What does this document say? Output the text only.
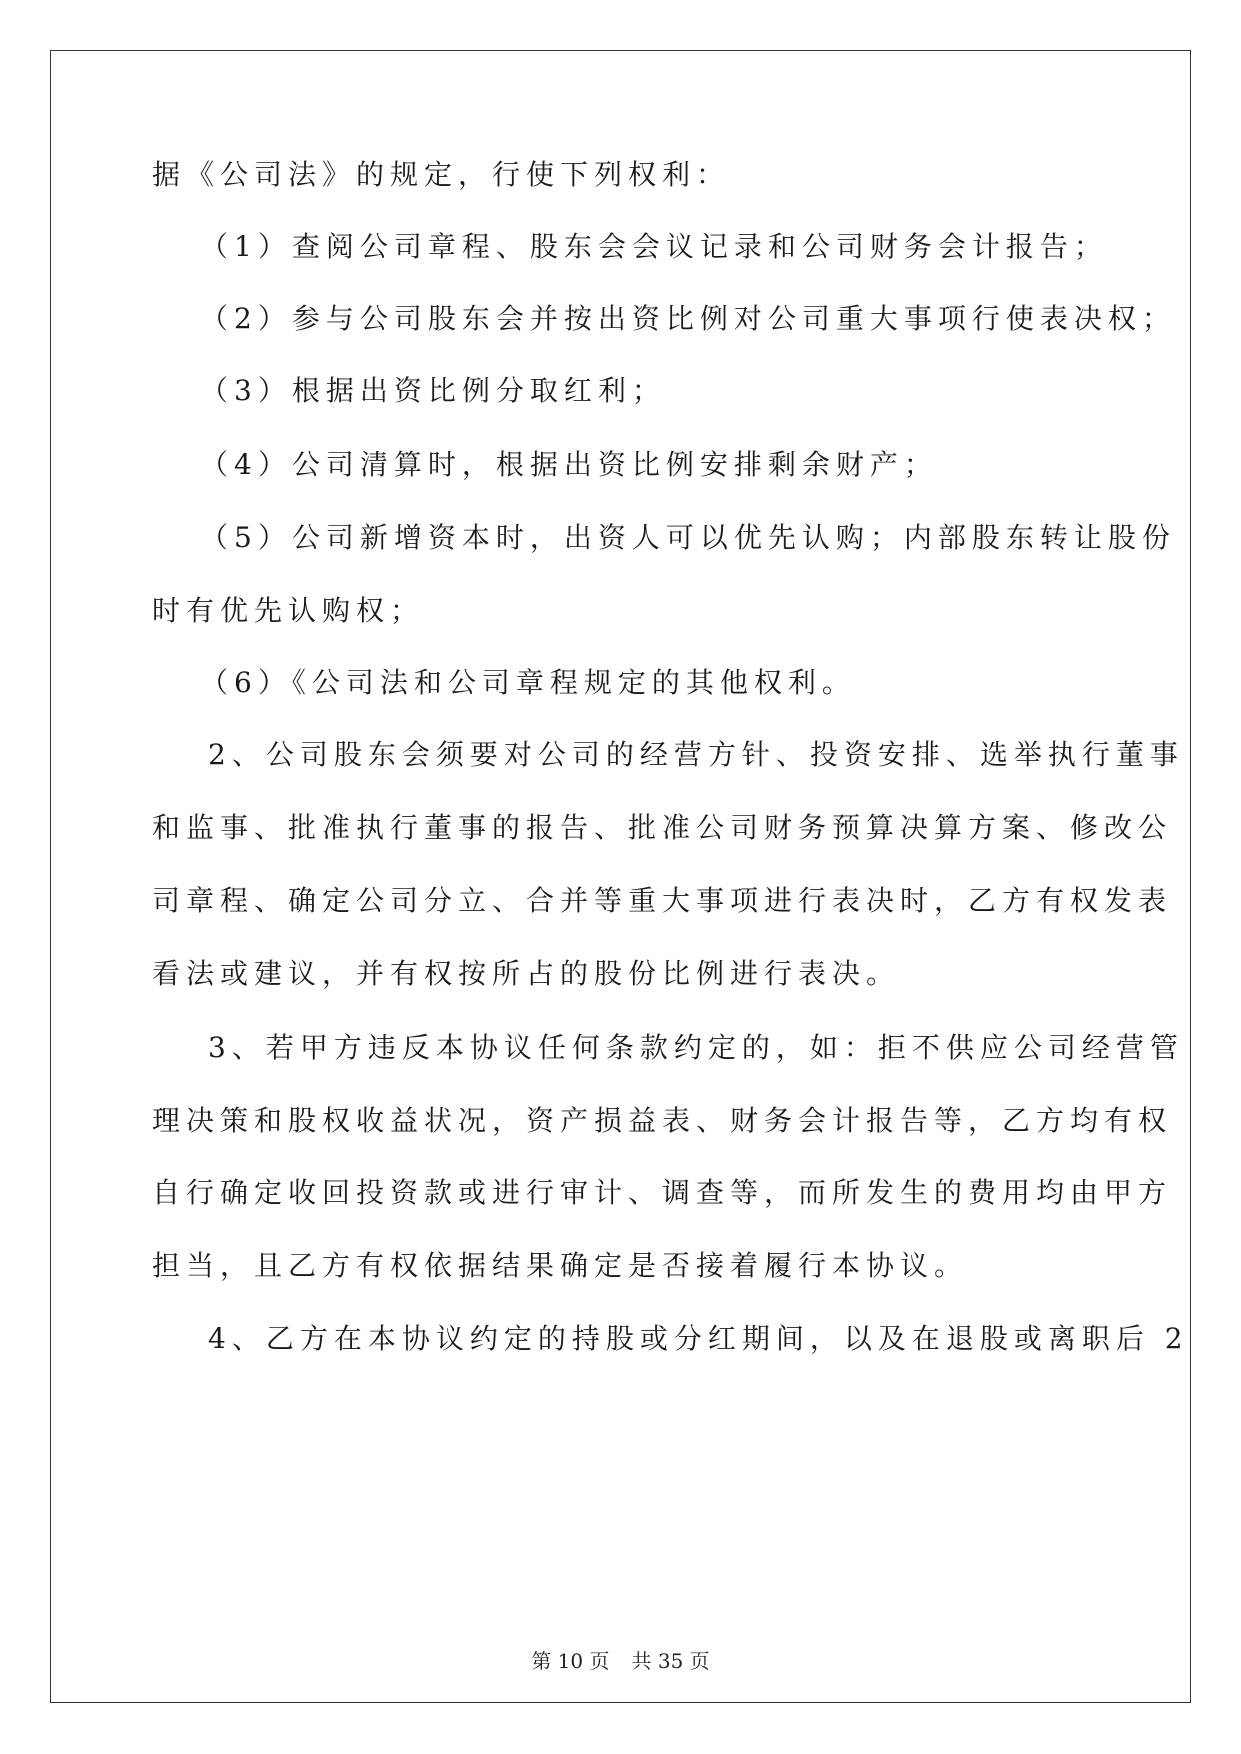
据《公司法》的规定，行使下列权利：
（1）查阅公司章程、股东会会议记录和公司财务会计报告；
（2）参与公司股东会并按出资比例对公司重大事项行使表决权；
（3）根据出资比例分取红利；
（4）公司清算时，根据出资比例安排剩余财产；
（5）公司新增资本时，出资人可以优先认购；内部股东转让股份
时有优先认购权；
（6）《公司法和公司章程规定的其他权利。
2、公司股东会须要对公司的经营方针、投资安排、选举执行董事
和监事、批准执行董事的报告、批准公司财务预算决算方案、修改公
司章程、确定公司分立、合并等重大事项进行表决时，乙方有权发表
看法或建议，并有权按所占的股份比例进行表决。
3、若甲方违反本协议任何条款约定的，如：拒不供应公司经营管
理决策和股权收益状况，资产损益表、财务会计报告等，乙方均有权
自行确定收回投资款或进行审计、调查等，而所发生的费用均由甲方
担当，且乙方有权依据结果确定是否接着履行本协议。
4、乙方在本协议约定的持股或分红期间，以及在退股或离职后 2
第 10 页 共 35 页
